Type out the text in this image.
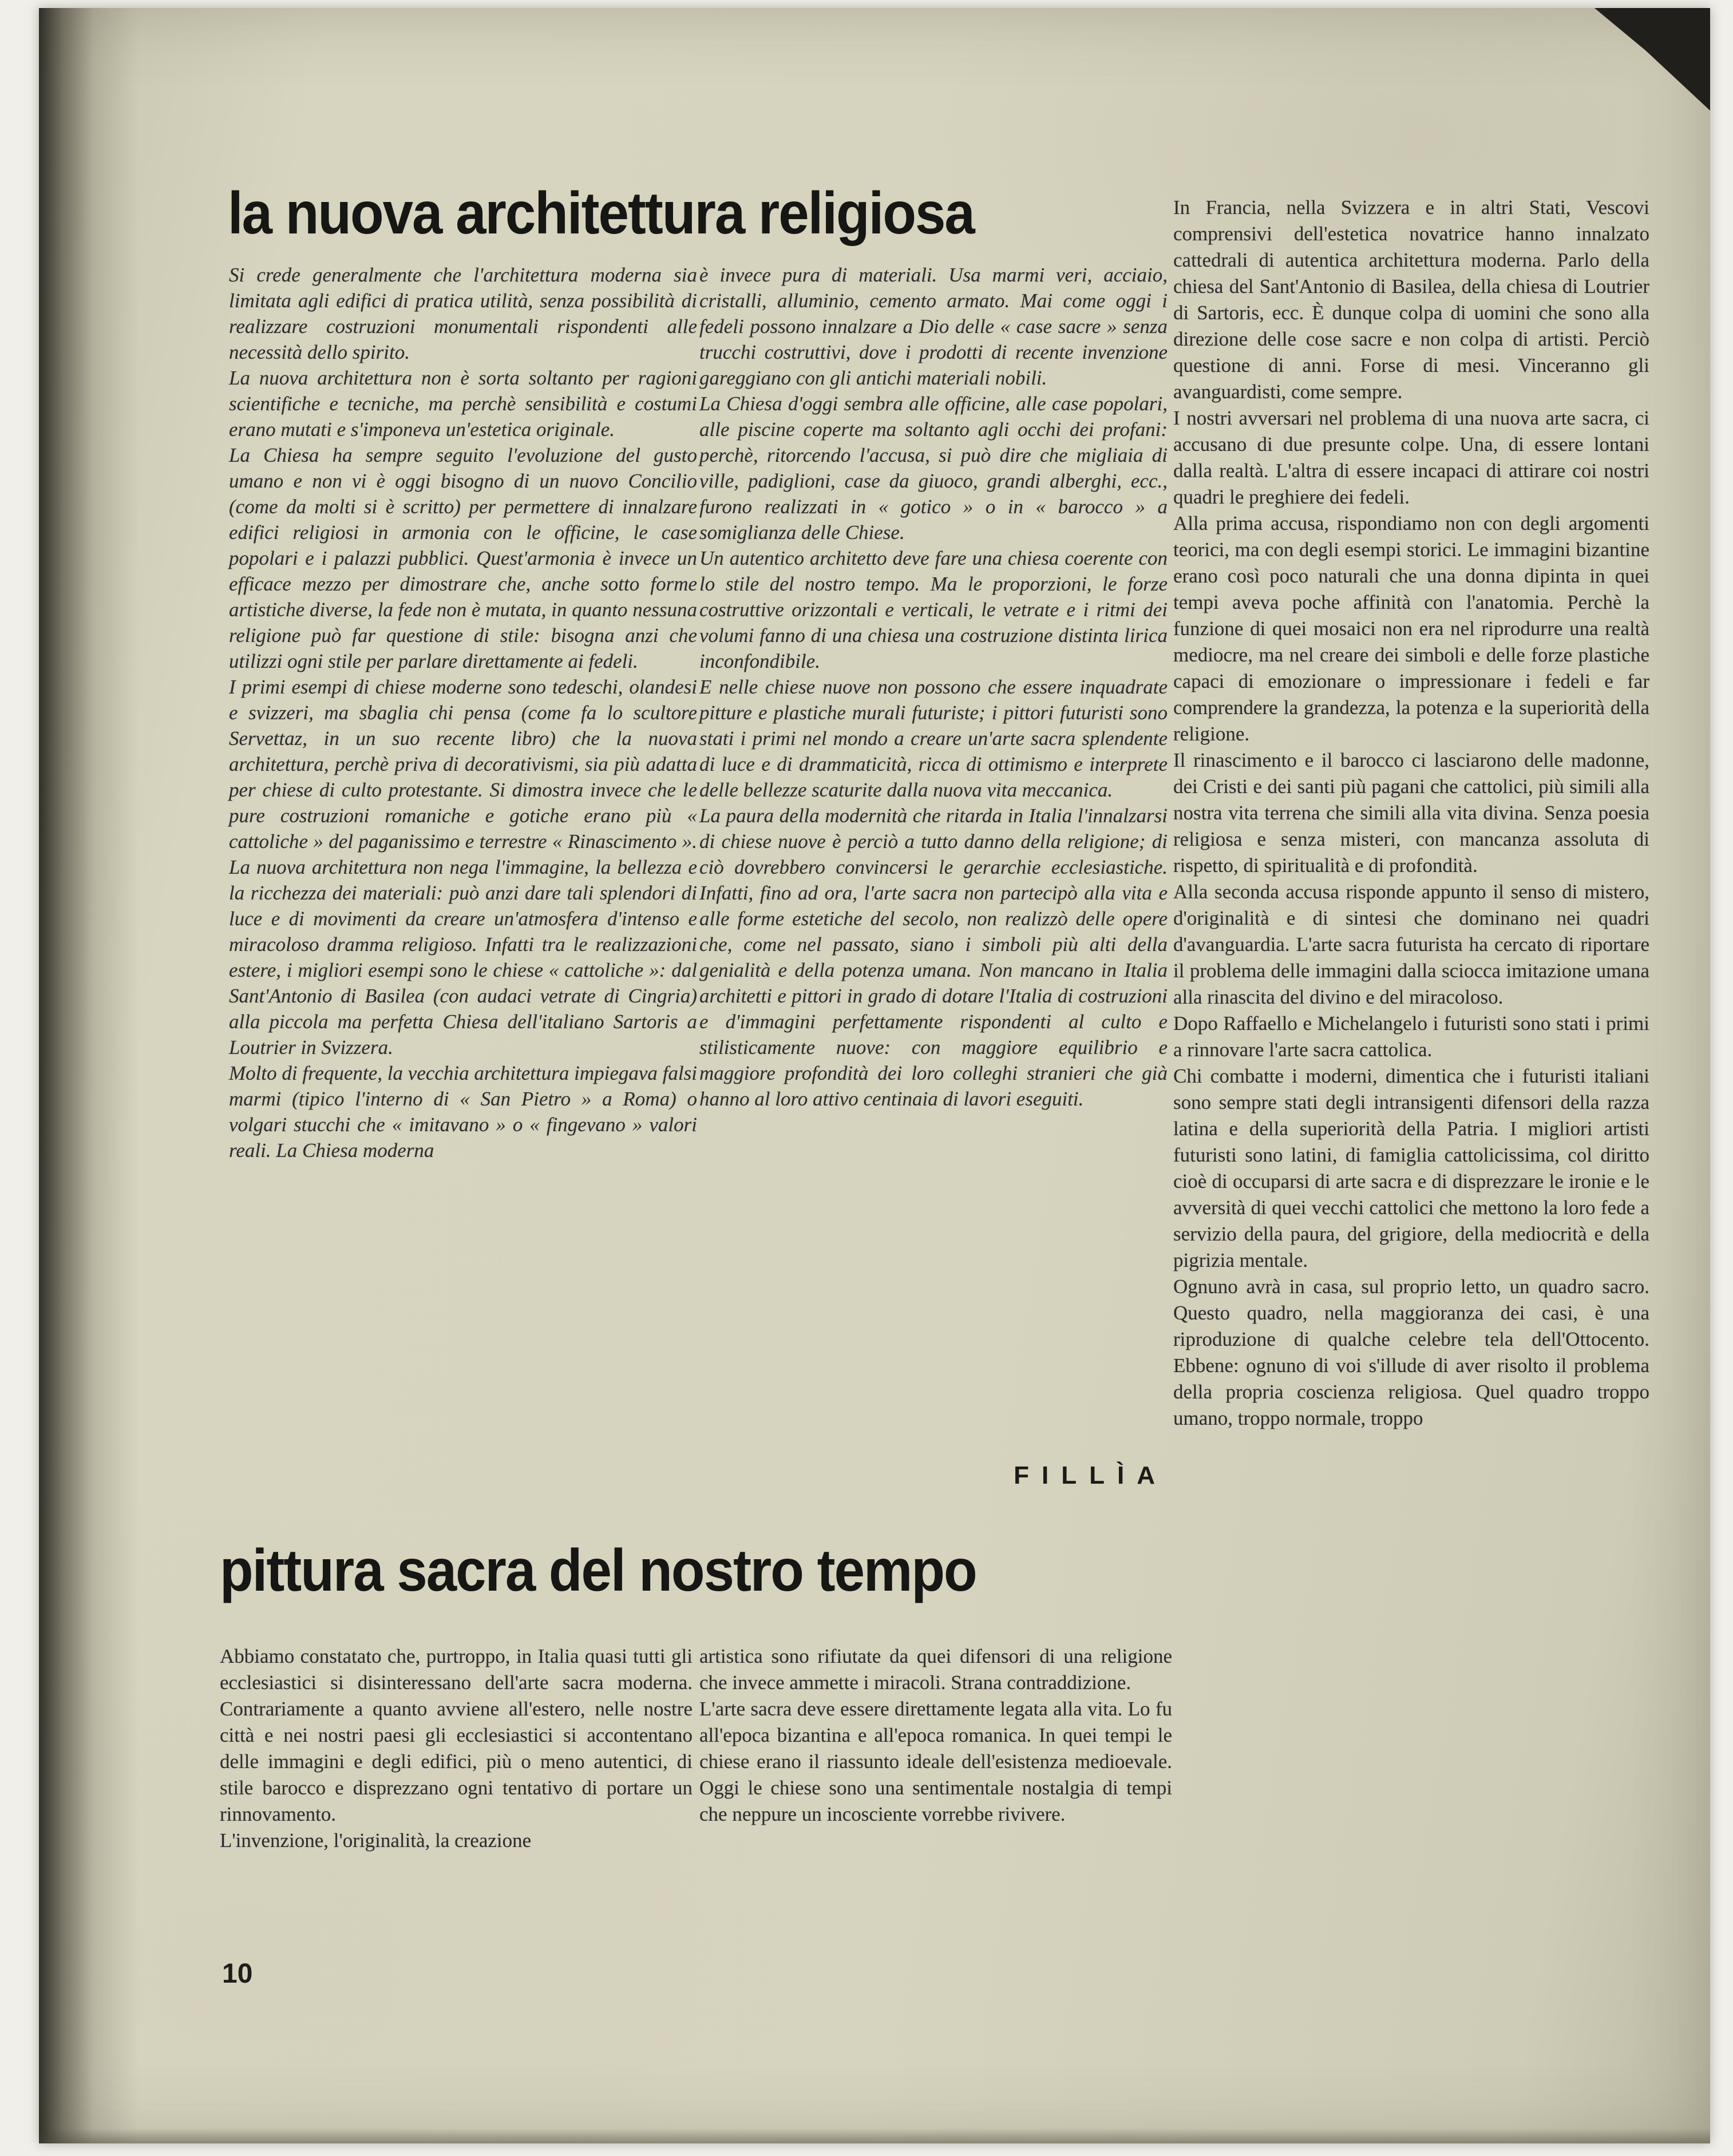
la nuova architettura religiosa

Si crede generalmente che l'architettura moderna sia limitata agli edifici di pratica utilità, senza possibilità di realizzare costruzioni monumentali rispondenti alle necessità dello spirito.

La nuova architettura non è sorta soltanto per ragioni scientifiche e tecniche, ma perchè sensibilità e costumi erano mutati e s'imponeva un'estetica originale.

La Chiesa ha sempre seguito l'evoluzione del gusto umano e non vi è oggi bisogno di un nuovo Concilio (come da molti si è scritto) per permettere di innalzare edifici religiosi in armonia con le officine, le case popolari e i palazzi pubblici. Quest'armonia è invece un efficace mezzo per dimostrare che, anche sotto forme artistiche diverse, la fede non è mutata, in quanto nessuna religione può far questione di stile: bisogna anzi che utilizzi ogni stile per parlare direttamente ai fedeli.

I primi esempi di chiese moderne sono tedeschi, olandesi e svizzeri, ma sbaglia chi pensa (come fa lo scultore Servettaz, in un suo recente libro) che la nuova architettura, perchè priva di decorativismi, sia più adatta per chiese di culto protestante. Si dimostra invece che le pure costruzioni romaniche e gotiche erano più « cattoliche » del paganissimo e terrestre « Rinascimento ». La nuova architettura non nega l'immagine, la bellezza e la ricchezza dei materiali: può anzi dare tali splendori di luce e di movimenti da creare un'atmosfera d'intenso e miracoloso dramma religioso. Infatti tra le realizzazioni estere, i migliori esempi sono le chiese « cattoliche »: dal Sant'Antonio di Basilea (con audaci vetrate di Cingria) alla piccola ma perfetta Chiesa dell'italiano Sartoris a Loutrier in Svizzera.

Molto di frequente, la vecchia architettura impiegava falsi marmi (tipico l'interno di « San Pietro » a Roma) o volgari stucchi che « imitavano » o « fingevano » valori reali. La Chiesa moderna

è invece pura di materiali. Usa marmi veri, acciaio, cristalli, alluminio, cemento armato. Mai come oggi i fedeli possono innalzare a Dio delle « case sacre » senza trucchi costruttivi, dove i prodotti di recente invenzione gareggiano con gli antichi materiali nobili.

La Chiesa d'oggi sembra alle officine, alle case popolari, alle piscine coperte ma soltanto agli occhi dei profani: perchè, ritorcendo l'accusa, si può dire che migliaia di ville, padiglioni, case da giuoco, grandi alberghi, ecc., furono realizzati in « gotico » o in « barocco » a somiglianza delle Chiese.

Un autentico architetto deve fare una chiesa coerente con lo stile del nostro tempo. Ma le proporzioni, le forze costruttive orizzontali e verticali, le vetrate e i ritmi dei volumi fanno di una chiesa una costruzione distinta lirica inconfondibile.

E nelle chiese nuove non possono che essere inquadrate pitture e plastiche murali futuriste; i pittori futuristi sono stati i primi nel mondo a creare un'arte sacra splendente di luce e di drammaticità, ricca di ottimismo e interprete delle bellezze scaturite dalla nuova vita meccanica.

La paura della modernità che ritarda in Italia l'innalzarsi di chiese nuove è perciò a tutto danno della religione; di ciò dovrebbero convincersi le gerarchie ecclesiastiche. Infatti, fino ad ora, l'arte sacra non partecipò alla vita e alle forme estetiche del secolo, non realizzò delle opere che, come nel passato, siano i simboli più alti della genialità e della potenza umana. Non mancano in Italia architetti e pittori in grado di dotare l'Italia di costruzioni e d'immagini perfettamente rispondenti al culto e stilisticamente nuove: con maggiore equilibrio e maggiore profondità dei loro colleghi stranieri che già hanno al loro attivo centinaia di lavori eseguiti.

FILLÌA
pittura sacra del nostro tempo

Abbiamo constatato che, purtroppo, in Italia quasi tutti gli ecclesiastici si disinteressano dell'arte sacra moderna. Contrariamente a quanto avviene all'estero, nelle nostre città e nei nostri paesi gli ecclesiastici si accontentano delle immagini e degli edifici, più o meno autentici, di stile barocco e disprezzano ogni tentativo di portare un rinnovamento.

L'invenzione, l'originalità, la creazione

artistica sono rifiutate da quei difensori di una religione che invece ammette i miracoli. Strana contraddizione.

L'arte sacra deve essere direttamente legata alla vita. Lo fu all'epoca bizantina e all'epoca romanica. In quei tempi le chiese erano il riassunto ideale dell'esistenza medioevale. Oggi le chiese sono una sentimentale nostalgia di tempi che neppure un incosciente vorrebbe rivivere.

In Francia, nella Svizzera e in altri Stati, Vescovi comprensivi dell'estetica novatrice hanno innalzato cattedrali di autentica architettura moderna. Parlo della chiesa del Sant'Antonio di Basilea, della chiesa di Loutrier di Sartoris, ecc. È dunque colpa di uomini che sono alla direzione delle cose sacre e non colpa di artisti. Perciò questione di anni. Forse di mesi. Vinceranno gli avanguardisti, come sempre.

I nostri avversari nel problema di una nuova arte sacra, ci accusano di due presunte colpe. Una, di essere lontani dalla realtà. L'altra di essere incapaci di attirare coi nostri quadri le preghiere dei fedeli.

Alla prima accusa, rispondiamo non con degli argomenti teorici, ma con degli esempi storici. Le immagini bizantine erano così poco naturali che una donna dipinta in quei tempi aveva poche affinità con l'anatomia. Perchè la funzione di quei mosaici non era nel riprodurre una realtà mediocre, ma nel creare dei simboli e delle forze plastiche capaci di emozionare o impressionare i fedeli e far comprendere la grandezza, la potenza e la superiorità della religione.

Il rinascimento e il barocco ci lasciarono delle madonne, dei Cristi e dei santi più pagani che cattolici, più simili alla nostra vita terrena che simili alla vita divina. Senza poesia religiosa e senza misteri, con mancanza assoluta di rispetto, di spiritualità e di profondità.

Alla seconda accusa risponde appunto il senso di mistero, d'originalità e di sintesi che dominano nei quadri d'avanguardia. L'arte sacra futurista ha cercato di riportare il problema delle immagini dalla sciocca imitazione umana alla rinascita del divino e del miracoloso.

Dopo Raffaello e Michelangelo i futuristi sono stati i primi a rinnovare l'arte sacra cattolica.

Chi combatte i moderni, dimentica che i futuristi italiani sono sempre stati degli intransigenti difensori della razza latina e della superiorità della Patria. I migliori artisti futuristi sono latini, di famiglia cattolicissima, col diritto cioè di occuparsi di arte sacra e di disprezzare le ironie e le avversità di quei vecchi cattolici che mettono la loro fede a servizio della paura, del grigiore, della mediocrità e della pigrizia mentale.

Ognuno avrà in casa, sul proprio letto, un quadro sacro. Questo quadro, nella maggioranza dei casi, è una riproduzione di qualche celebre tela dell'Ottocento. Ebbene: ognuno di voi s'illude di aver risolto il problema della propria coscienza religiosa. Quel quadro troppo umano, troppo normale, troppo

10
